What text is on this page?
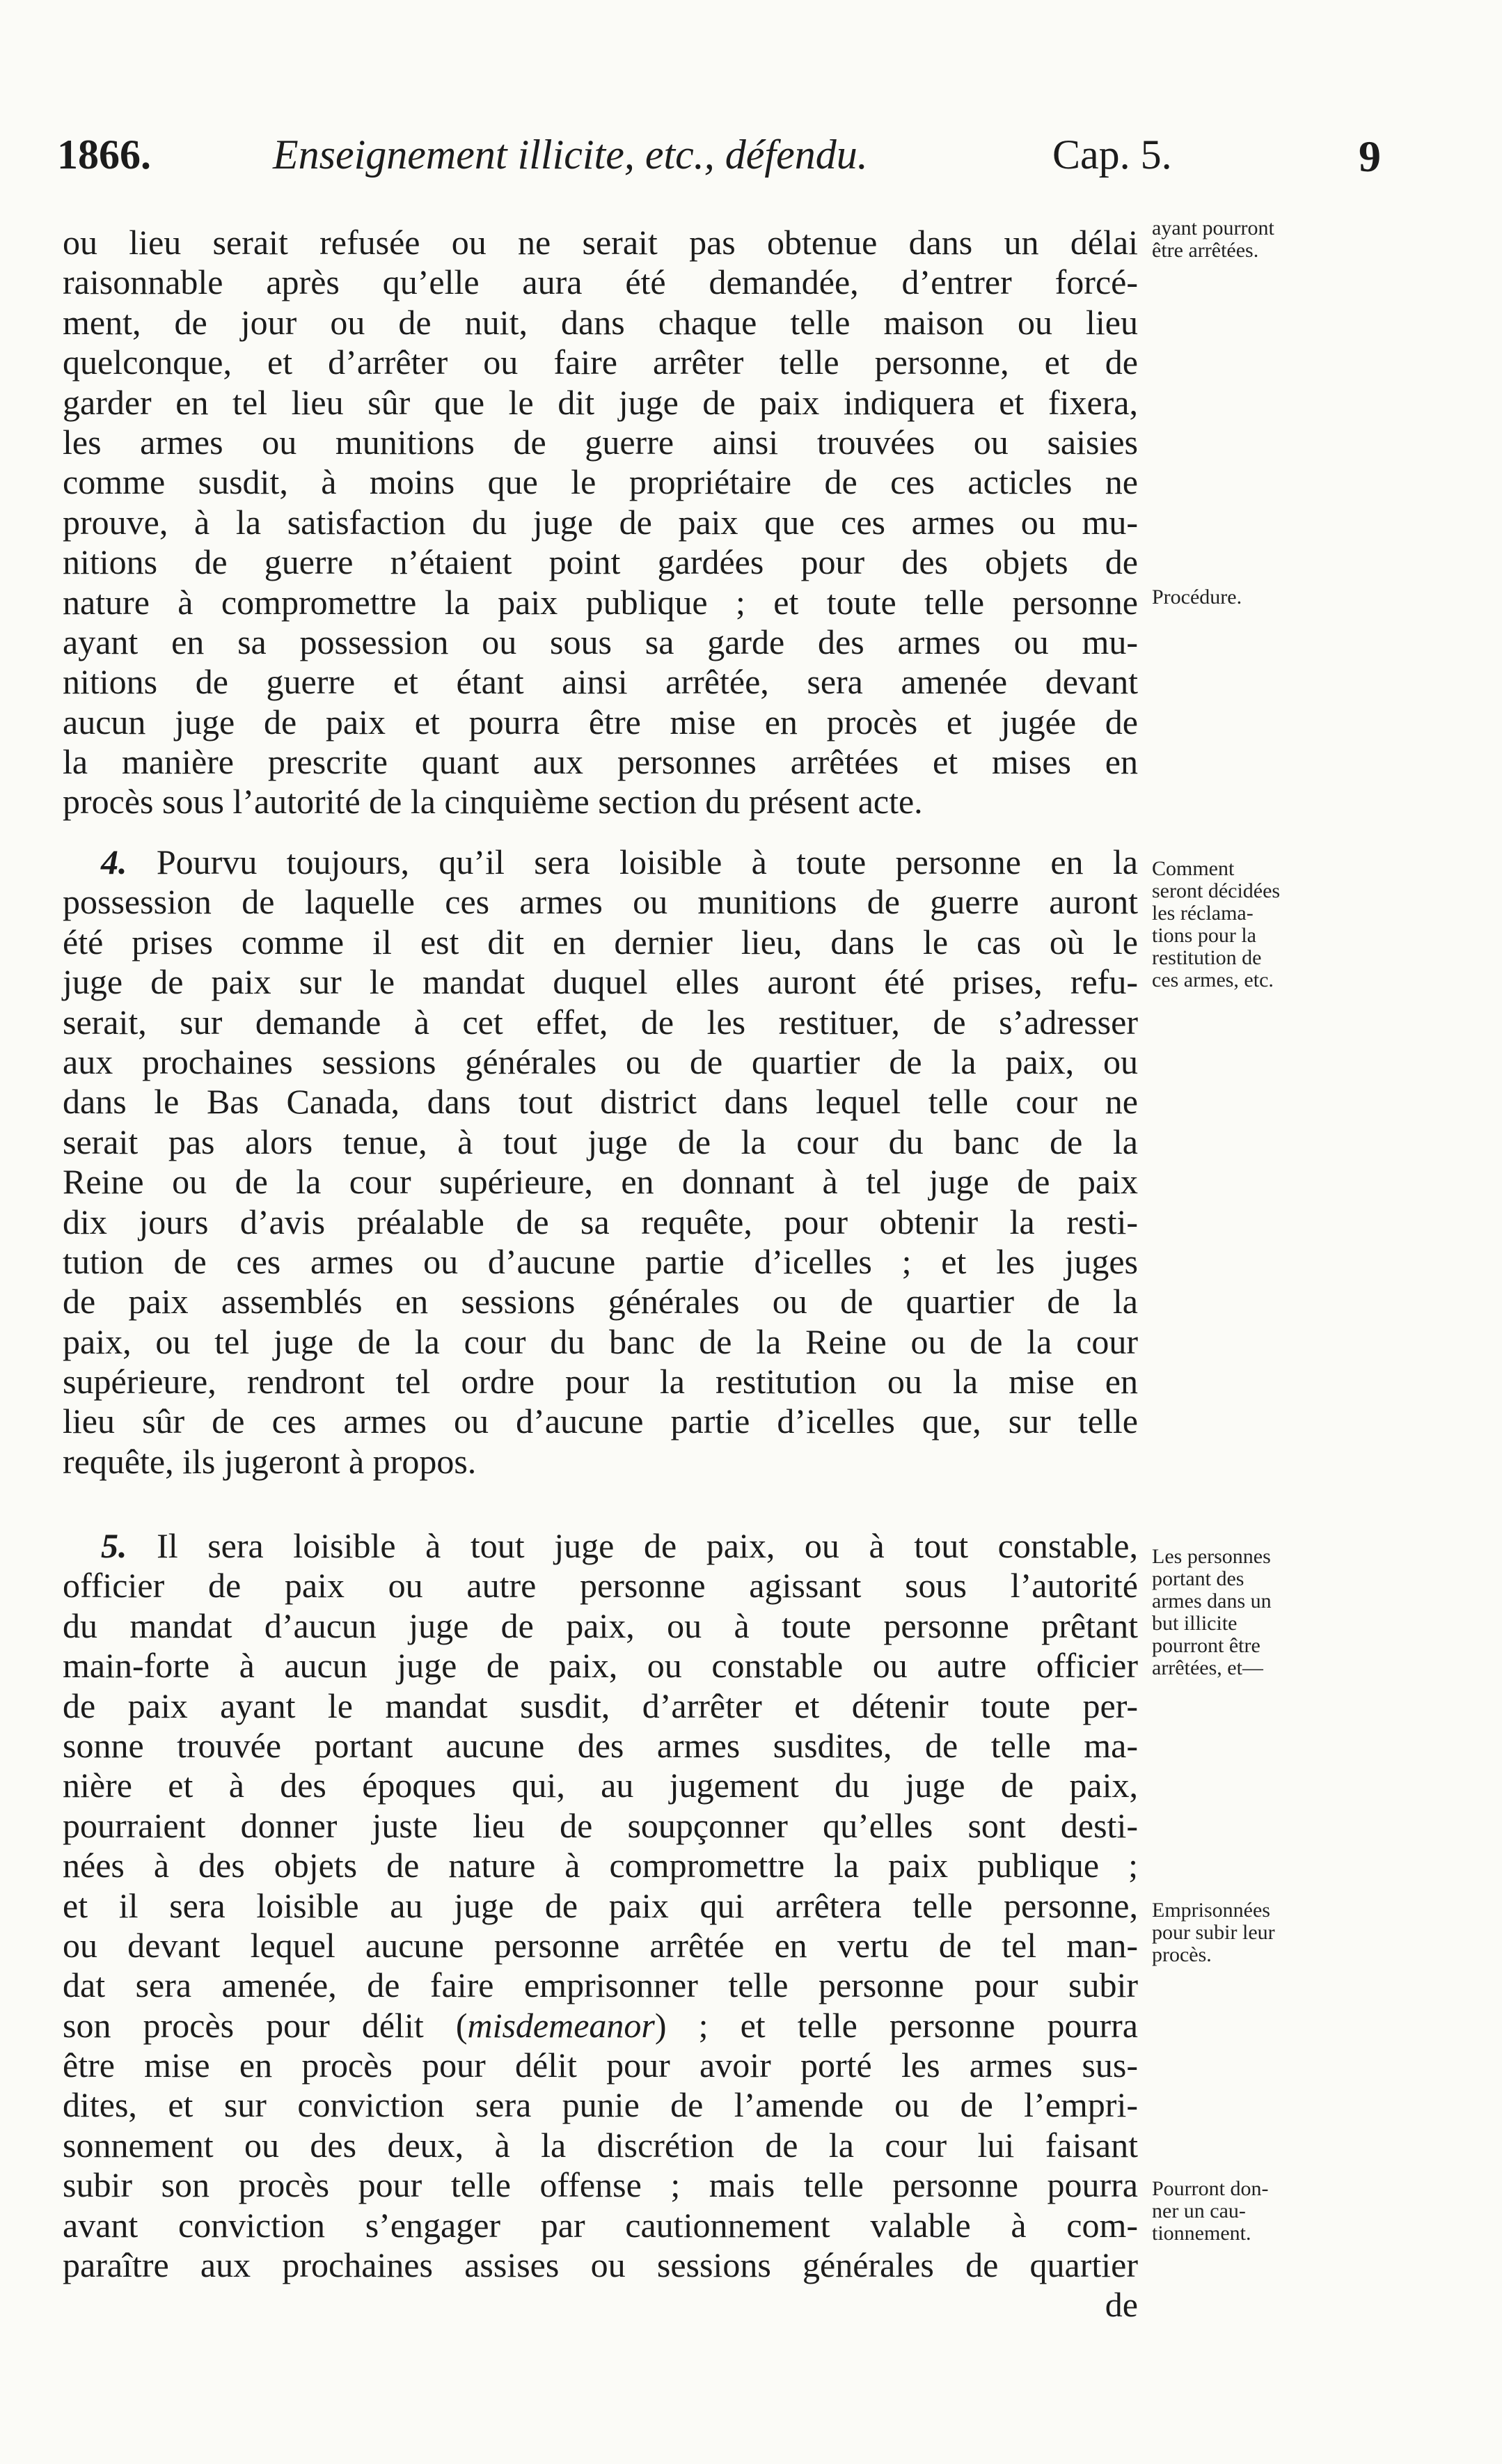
1866.	Enseignement illicite, etc., défendu.	Cap. 5.	9
ou lieu serait refusée ou ne serait pas obtenue dans un délai
raisonnable après qu’elle aura été demandée, d’entrer forcé-
ment, de jour ou de nuit, dans chaque telle maison ou lieu
quelconque, et d’arrêter ou faire arrêter telle personne, et de
garder en tel lieu sûr que le dit juge de paix indiquera et fixera,
les armes ou munitions de guerre ainsi trouvées ou saisies
comme susdit, à moins que le propriétaire de ces acticles ne
prouve, à la satisfaction du juge de paix que ces armes ou mu-
nitions de guerre n’étaient point gardées pour des objets de
nature à compromettre la paix publique ; et toute telle personne
ayant en sa possession ou sous sa garde des armes ou mu-
nitions de guerre et étant ainsi arrêtée, sera amenée devant
aucun juge de paix et pourra être mise en procès et jugée de
la manière prescrite quant aux personnes arrêtées et mises en
procès sous l’autorité de la cinquième section du présent acte.
4. Pourvu toujours, qu’il sera loisible à toute personne en la
possession de laquelle ces armes ou munitions de guerre auront
été prises comme il est dit en dernier lieu, dans le cas où le
juge de paix sur le mandat duquel elles auront été prises, refu-
serait, sur demande à cet effet, de les restituer, de s’adresser
aux prochaines sessions générales ou de quartier de la paix, ou
dans le Bas Canada, dans tout district dans lequel telle cour ne
serait pas alors tenue, à tout juge de la cour du banc de la
Reine ou de la cour supérieure, en donnant à tel juge de paix
dix jours d’avis préalable de sa requête, pour obtenir la resti-
tution de ces armes ou d’aucune partie d’icelles ; et les juges
de paix assemblés en sessions générales ou de quartier de la
paix, ou tel juge de la cour du banc de la Reine ou de la cour
supérieure, rendront tel ordre pour la restitution ou la mise en
lieu sûr de ces armes ou d’aucune partie d’icelles que, sur telle
requête, ils jugeront à propos.
5. Il sera loisible à tout juge de paix, ou à tout constable,
officier de paix ou autre personne agissant sous l’autorité
du mandat d’aucun juge de paix, ou à toute personne prêtant
main-forte à aucun juge de paix, ou constable ou autre officier
de paix ayant le mandat susdit, d’arrêter et détenir toute per-
sonne trouvée portant aucune des armes susdites, de telle ma-
nière et à des époques qui, au jugement du juge de paix,
pourraient donner juste lieu de soupçonner qu’elles sont desti-
nées à des objets de nature à compromettre la paix publique ;
et il sera loisible au juge de paix qui arrêtera telle personne,
ou devant lequel aucune personne arrêtée en vertu de tel man-
dat sera amenée, de faire emprisonner telle personne pour subir
son procès pour délit (misdemeanor) ; et telle personne pourra
être mise en procès pour délit pour avoir porté les armes sus-
dites, et sur conviction sera punie de l’amende ou de l’empri-
sonnement ou des deux, à la discrétion de la cour lui faisant
subir son procès pour telle offense ; mais telle personne pourra
avant conviction s’engager par cautionnement valable à com-
paraître aux prochaines assises ou sessions générales de quartier
de
ayant pourront
être arrêtées.
Procédure.
Comment
seront décidées
les réclama-
tions pour la
restitution de
ces armes, etc.
Les personnes
portant des
armes dans un
but illicite
pourront être
arrêtées, et—
Emprisonnées
pour subir leur
procès.
Pourront don-
ner un cau-
tionnement.
